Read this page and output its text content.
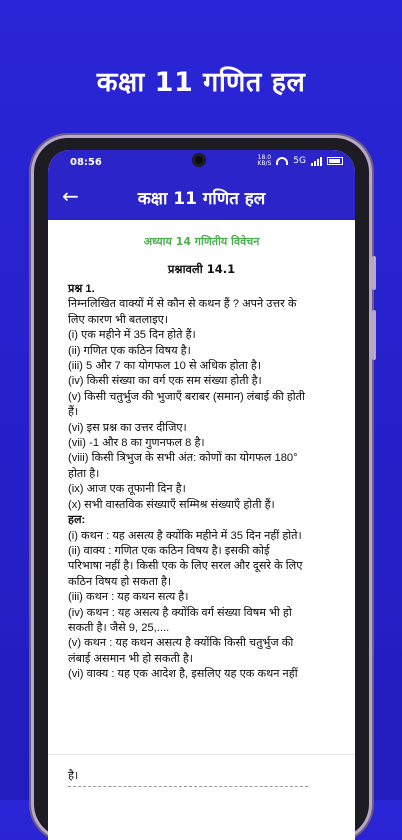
कक्षा 11 गणित हल
08:56	18.0
KB/S 5G
←	कक्षा 11 गणित हल
अध्याय 14 गणितीय विवेचन
प्रश्नावली 14.1
प्रश्न 1.
निम्नलिखित वाक्यों में से कौन से कथन हैं ? अपने उत्तर के
लिए कारण भी बतलाइए।
(i) एक महीने में 35 दिन होते हैं।
(ii) गणित एक कठिन विषय है।
(iii) 5 और 7 का योगफल 10 से अधिक होता है।
(iv) किसी संख्या का वर्ग एक सम संख्या होती है।
(v) किसी चतुर्भुज की भुजाएँ बराबर (समान) लंबाई की होती
हैं।
(vi) इस प्रश्न का उत्तर दीजिए।
(vii) -1 और 8 का गुणनफल 8 है।
(viii) किसी त्रिभुज के सभी अंत: कोणों का योगफल 180°
होता है।
(ix) आज एक तूफानी दिन है।
(x) सभी वास्तविक संख्याएँ सम्मिश्र संख्याएँ होती हैं।
हल:
(i) कथन : यह असत्य है क्योंकि महीने में 35 दिन नहीं होते।
(ii) वाक्य : गणित एक कठिन विषय है। इसकी कोई
परिभाषा नहीं है। किसी एक के लिए सरल और दूसरे के लिए
कठिन विषय हो सकता है।
(iii) कथन : यह कथन सत्य है।
(iv) कथन : यह असत्य है क्योंकि वर्ग संख्या विषम भी हो
सकती है। जैसे 9, 25,....
(v) कथन : यह कथन असत्य है क्योंकि किसी चतुर्भुज की
लंबाई असमान भी हो सकती है।
(vi) वाक्य : यह एक आदेश है, इसलिए यह एक कथन नहीं
है।
